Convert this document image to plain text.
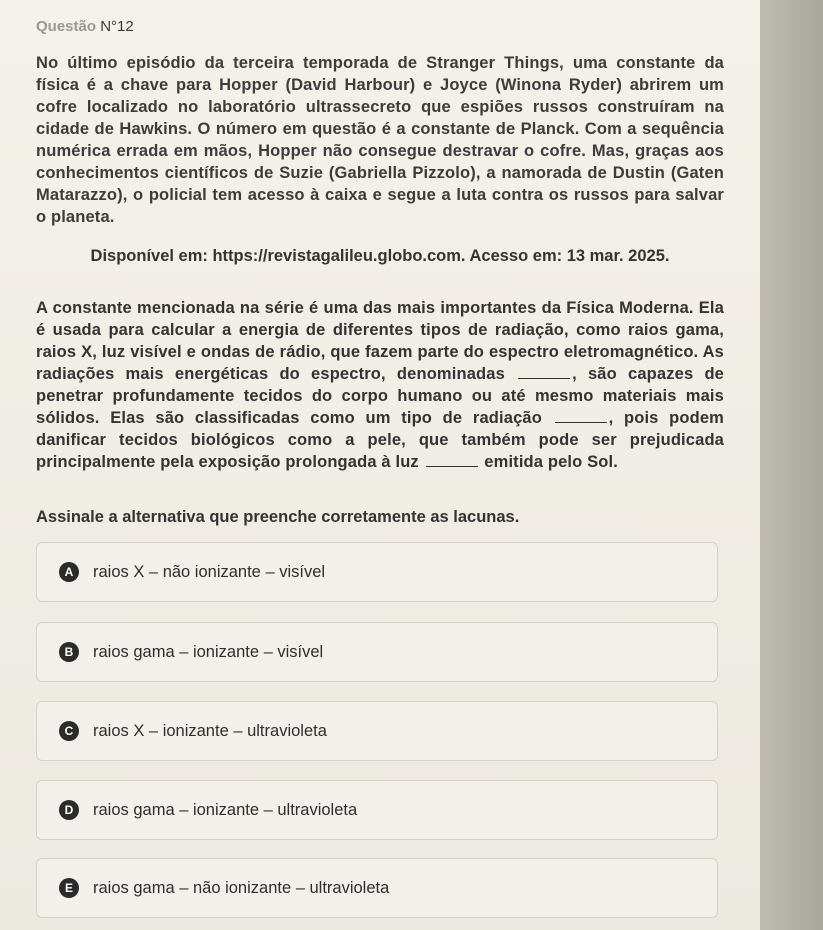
Questão N°12
No último episódio da terceira temporada de Stranger Things, uma constante da física é a chave para Hopper (David Harbour) e Joyce (Winona Ryder) abrirem um cofre localizado no laboratório ultrassecreto que espiões russos construíram na cidade de Hawkins. O número em questão é a constante de Planck. Com a sequência numérica errada em mãos, Hopper não consegue destravar o cofre. Mas, graças aos conhecimentos científicos de Suzie (Gabriella Pizzolo), a namorada de Dustin (Gaten Matarazzo), o policial tem acesso à caixa e segue a luta contra os russos para salvar o planeta.
Disponível em: https://revistagalileu.globo.com. Acesso em: 13 mar. 2025.
A constante mencionada na série é uma das mais importantes da Física Moderna. Ela é usada para calcular a energia de diferentes tipos de radiação, como raios gama, raios X, luz visível e ondas de rádio, que fazem parte do espectro eletromagnético. As radiações mais energéticas do espectro, denominadas	, são capazes de penetrar profundamente tecidos do corpo humano ou até mesmo materiais mais sólidos. Elas são classificadas como um tipo de radiação	, pois podem danificar tecidos biológicos como a pele, que também pode ser prejudicada principalmente pela exposição prolongada à luz	emitida pelo Sol.
Assinale a alternativa que preenche corretamente as lacunas.
A	raios X – não ionizante – visível
B	raios gama – ionizante – visível
C	raios X – ionizante – ultravioleta
D	raios gama – ionizante – ultravioleta
E	raios gama – não ionizante – ultravioleta
